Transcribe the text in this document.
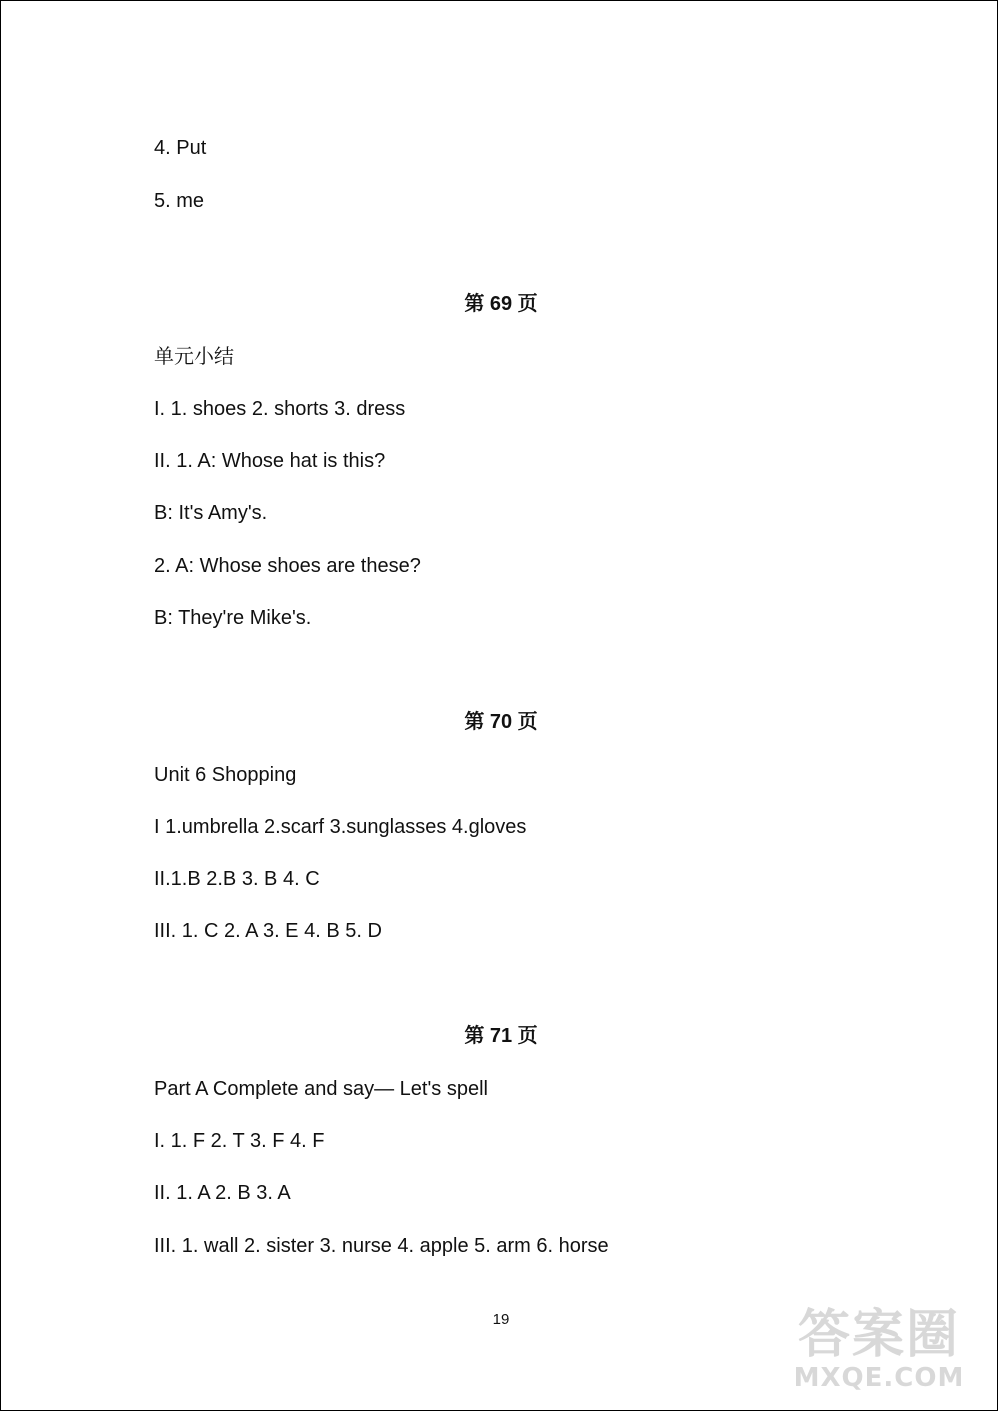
4. Put
5. me
第 69 页
单元小结
I. 1. shoes 2. shorts 3. dress
II. 1. A: Whose hat is this?
B: It's Amy's.
2. A: Whose shoes are these?
B: They're Mike's.
第 70 页
Unit 6 Shopping
I 1.umbrella 2.scarf 3.sunglasses 4.gloves
II.1.B 2.B 3. B 4. C
III. 1. C 2. A 3. E 4. B 5. D
第 71 页
Part A Complete and say— Let's spell
I. 1. F 2. T 3. F 4. F
II. 1. A 2. B 3. A
III. 1. wall 2. sister 3. nurse 4. apple 5. arm 6. horse
19	答案圈
MXQE.COM
